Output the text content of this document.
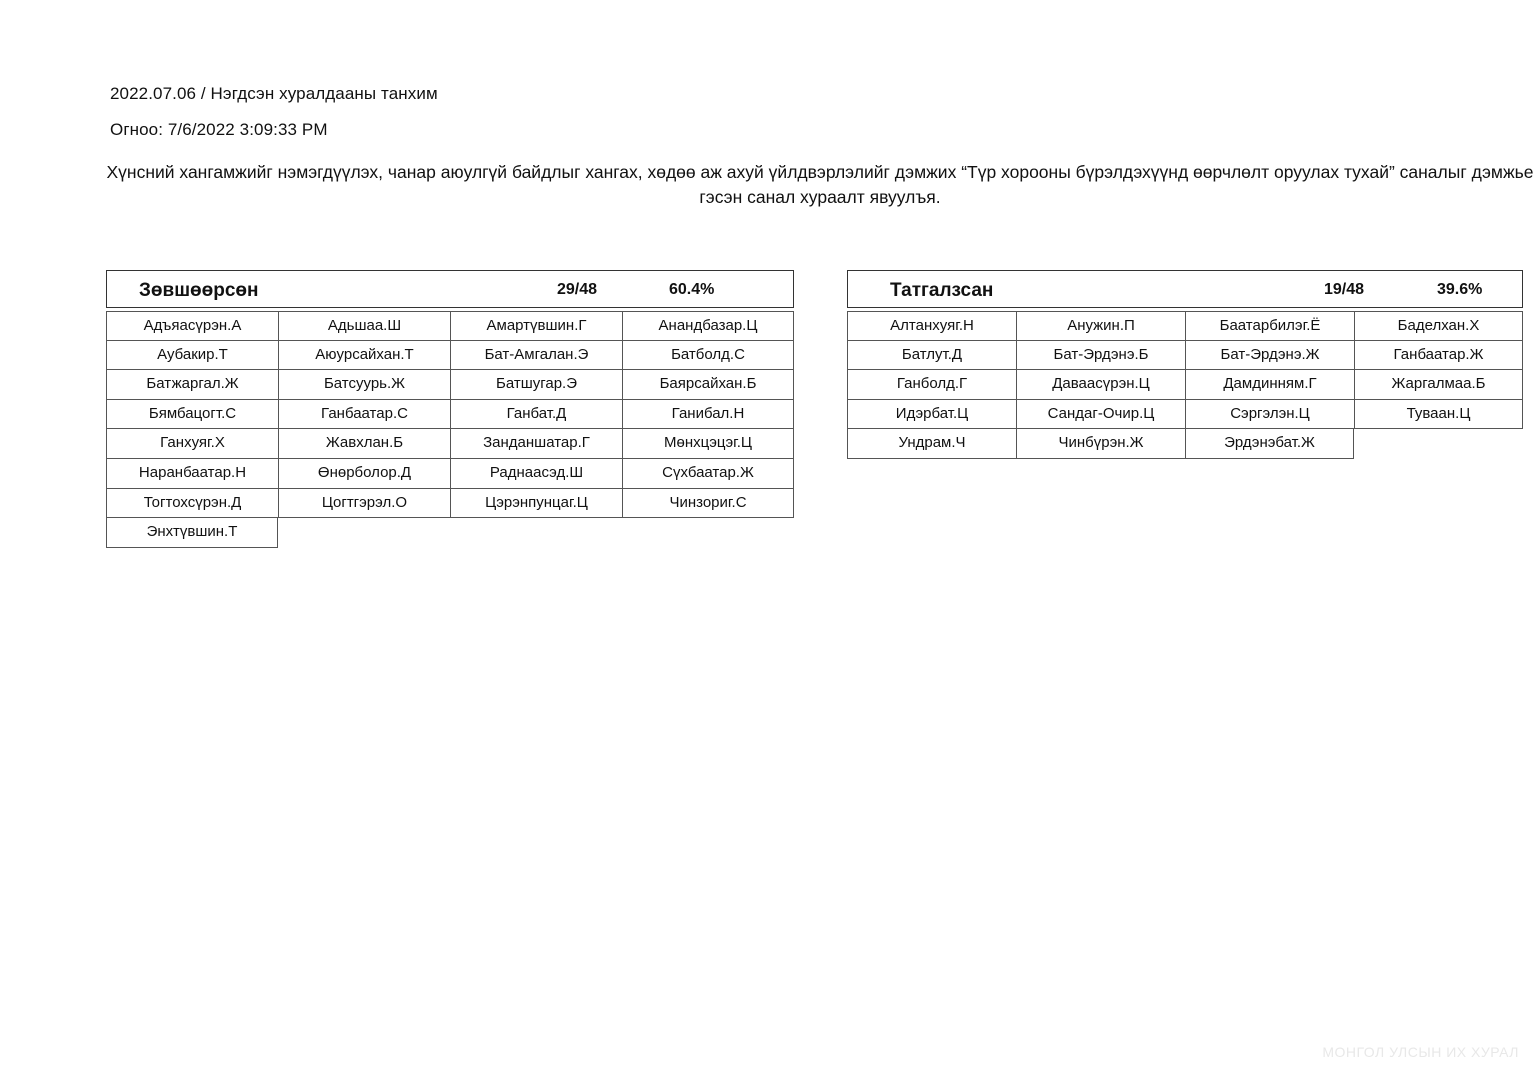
2022.07.06 / Нэгдсэн хуралдааны танхим
Огноо: 7/6/2022 3:09:33 PM
Хүнсний хангамжийг нэмэгдүүлэх, чанар аюулгүй байдлыг хангах, хөдөө аж ахуй үйлдвэрлэлийг дэмжих “Түр хорооны бүрэлдэхүүнд өөрчлөлт оруулах тухай” саналыг дэмжье гэсэн санал хураалт явуулъя.
Зөвшөөрсөн	29/48	60.4%
Адъяасүрэн.А	Адьшаа.Ш	Амартүвшин.Г	Анандбазар.Ц
Аубакир.Т	Аюурсайхан.Т	Бат-Амгалан.Э	Батболд.С
Батжаргал.Ж	Батсуурь.Ж	Батшугар.Э	Баярсайхан.Б
Бямбацогт.С	Ганбаатар.С	Ганбат.Д	Ганибал.Н
Ганхуяг.Х	Жавхлан.Б	Занданшатар.Г	Мөнхцэцэг.Ц
Наранбаатар.Н	Өнөрболор.Д	Раднаасэд.Ш	Сүхбаатар.Ж
Тогтохсүрэн.Д	Цогтгэрэл.О	Цэрэнпунцаг.Ц	Чинзориг.С
Энхтүвшин.Т
Татгалзсан	19/48	39.6%
Алтанхуяг.Н	Анужин.П	Баатарбилэг.Ё	Баделхан.Х
Батлут.Д	Бат-Эрдэнэ.Б	Бат-Эрдэнэ.Ж	Ганбаатар.Ж
Ганболд.Г	Даваасүрэн.Ц	Дамдинням.Г	Жаргалмаа.Б
Идэрбат.Ц	Сандаг-Очир.Ц	Сэргэлэн.Ц	Туваан.Ц
Ундрам.Ч	Чинбүрэн.Ж	Эрдэнэбат.Ж
МОНГОЛ УЛСЫН ИХ ХУРАЛ
